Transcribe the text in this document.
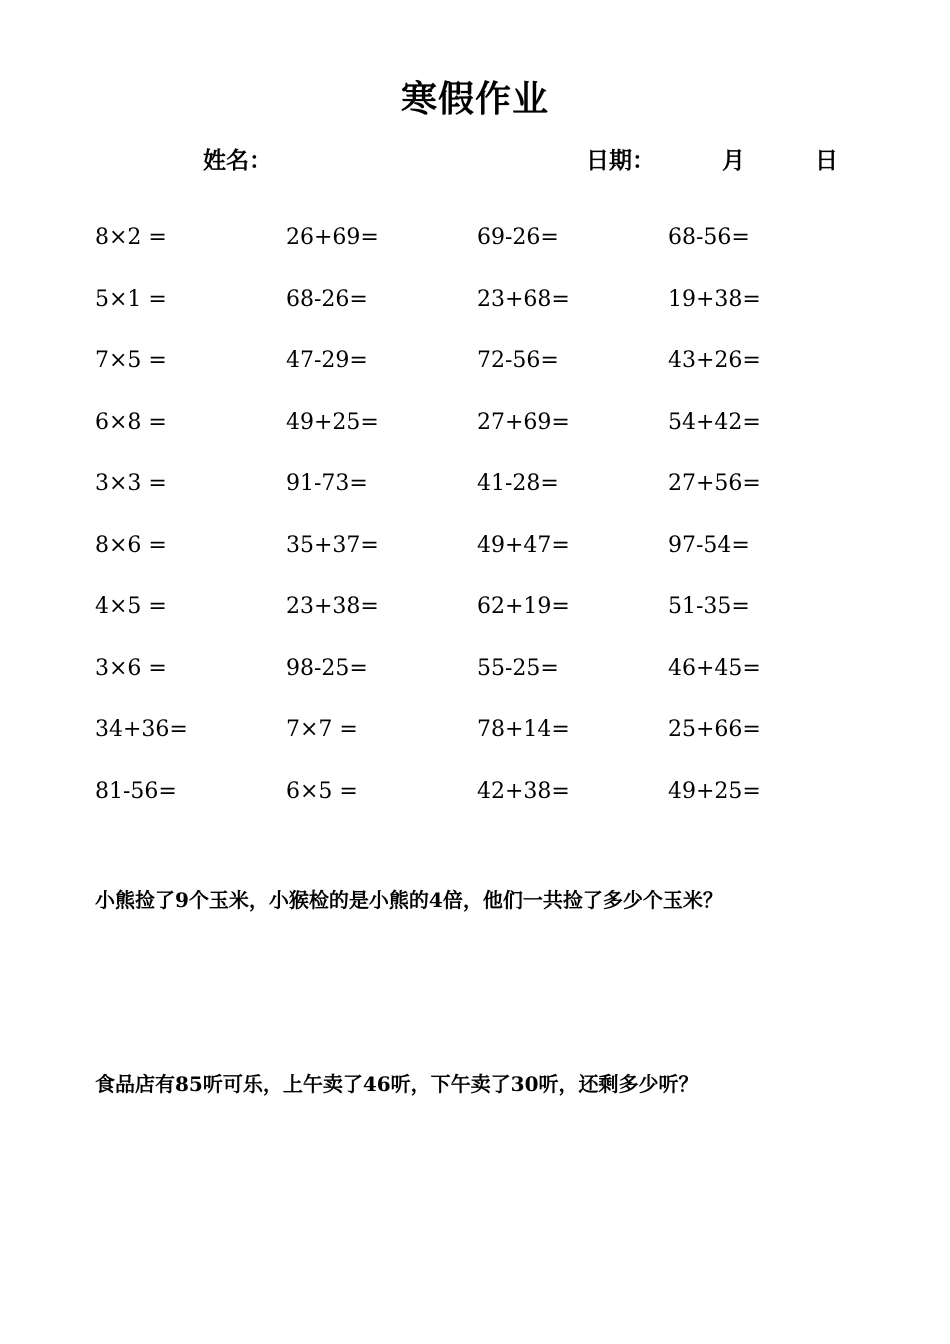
寒假作业
姓名：	日期：	月	日
8×2 =	26+69=	69-26=	68-56=
5×1 =	68-26=	23+68=	19+38=
7×5 =	47-29=	72-56=	43+26=
6×8 =	49+25=	27+69=	54+42=
3×3 =	91-73=	41-28=	27+56=
8×6 =	35+37=	49+47=	97-54=
4×5 =	23+38=	62+19=	51-35=
3×6 =	98-25=	55-25=	46+45=
34+36=	7×7 =	78+14=	25+66=
81-56=	6×5 =	42+38=	49+25=
小熊捡了9个玉米，小猴检的是小熊的4倍，他们一共捡了多少个玉米？
食品店有85听可乐，上午卖了46听，下午卖了30听，还剩多少听？
